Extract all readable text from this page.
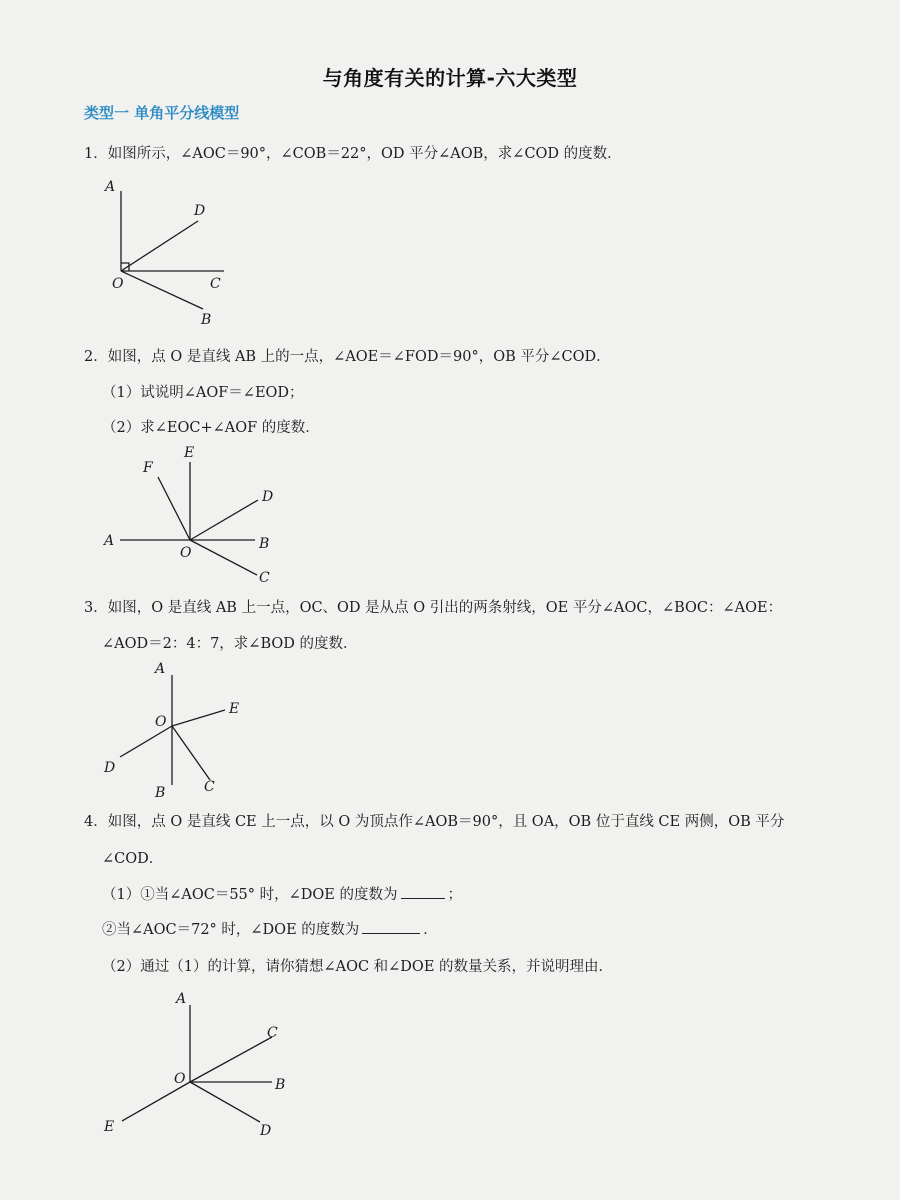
与角度有关的计算-六大类型
类型一 单角平分线模型
1．如图所示，∠AOC＝90°，∠COB＝22°，OD 平分∠AOB，求∠COD 的度数．
A
D
O	C
B
2．如图，点 O 是直线 AB 上的一点，∠AOE＝∠FOD＝90°，OB 平分∠COD．
（1）试说明∠AOF＝∠EOD；
（2）求∠EOC+∠AOF 的度数．
F
E
D
A
O
B
C
3．如图，O 是直线 AB 上一点，OC、OD 是从点 O 引出的两条射线，OE 平分∠AOC，∠BOC：∠AOE：
∠AOD＝2：4：7，求∠BOD 的度数．
A
O
E
D
B	C
4．如图，点 O 是直线 CE 上一点，以 O 为顶点作∠AOB＝90°，且 OA，OB 位于直线 CE 两侧，OB 平分
∠COD．
（1）①当∠AOC＝55° 时，∠DOE 的度数为	；
②当∠AOC＝72° 时，∠DOE 的度数为	．
（2）通过（1）的计算，请你猜想∠AOC 和∠DOE 的数量关系，并说明理由．
A
C
O	B
E	D
